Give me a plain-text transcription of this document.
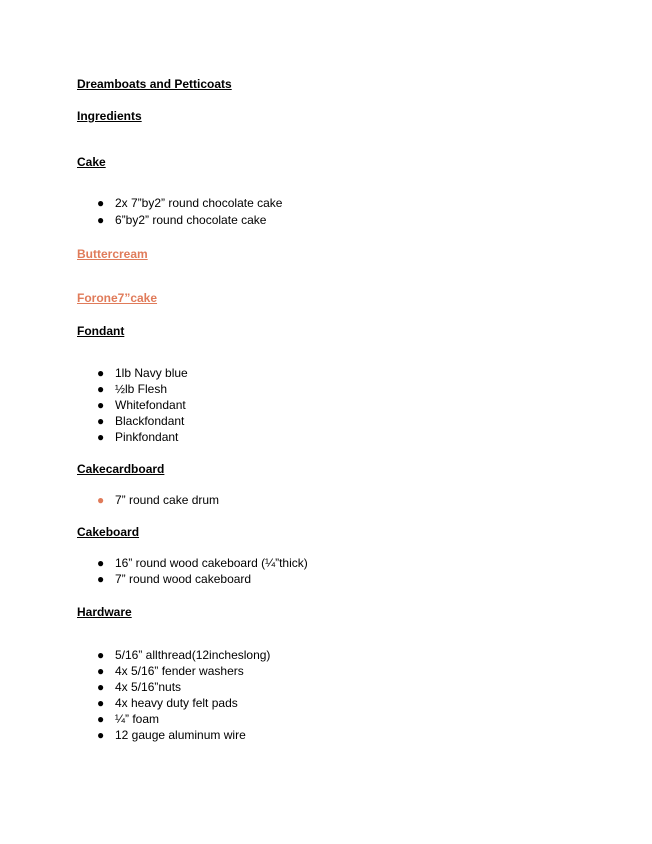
Dreamboats and Petticoats
Ingredients
Cake
● 2x 7”by2” round chocolate cake
● 6”by2” round chocolate cake
Buttercream
Forone7”cake
Fondant
● 1lb Navy blue
● ½lb Flesh
● Whitefondant
● Blackfondant
● Pinkfondant
Cakecardboard
● 7” round cake drum
Cakeboard
● 16” round wood cakeboard (¼”thick)
● 7” round wood cakeboard
Hardware
● 5/16” allthread(12incheslong)
● 4x 5/16” fender washers
● 4x 5/16”nuts
● 4x heavy duty felt pads
● ¼” foam
● 12 gauge aluminum wire
